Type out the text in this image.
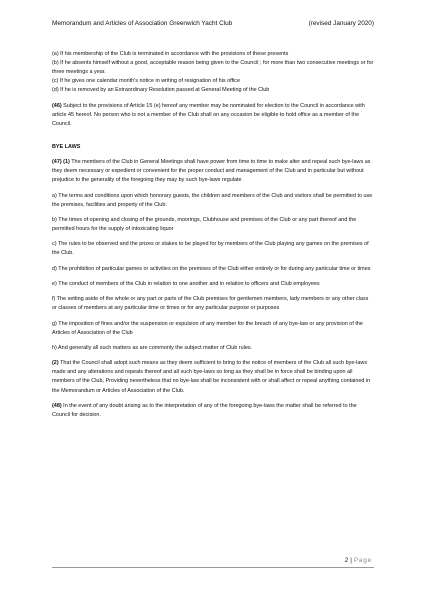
Memorandum and Articles of Association Greenwich Yacht Club	(revised January 2020)

(a) If his membership of the Club is terminated in accordance with the provisions of these presents

(b) If he absents himself without a good, acceptable reason being given to the Council ; for more than two consecutive meetings or for three meetings a year.

(c) If he gives one calendar month's notice in writing of resignation of his office

(d) If he is removed by an Extraordinary Resolution passed at General Meeting of the Club

(46) Subject to the provisions of Article 15 (e) hereof any member may be nominated for election to the Council in accordance with article 45 hereof. No person who is not a member of the Club shall on any occasion be eligible to hold office as a member of the Council.

BYE LAWS

(47) (1) The members of the Club in General Meetings shall have power from time to time to make alter and repeal such bye-laws as they deem necessary or expedient or convenient for the proper conduct and management of the Club and in particular but without prejudice to the generality of the foregoing they may by such bye-laws regulate

a) The terms and conditions upon which honorary guests, the children and members of the Club and visitors shall be permitted to use the premises, facilities and property of the Club.

b) The times of opening and closing of the grounds, moorings, Clubhouse and premises of the Club or any part thereof and the permitted hours for the supply of intoxicating liquor

c) The rules to be observed and the prizes or stakes to be played for by members of the Club playing any games on the premises of the Club.

d) The prohibition of particular games or activities on the premises of the Club either entirely or for during any particular time or times

e) The conduct of members of the Club in relation to one another and in relation to officers and Club employees

f) The setting aside of the whole or any part or parts of the Club premises for gentlemen members, lady members or any other class or classes of members at any particular time or times or for any particular purpose or purposes

g) The imposition of fines and/or the suspension or expulsion of any member for the breach of any bye-law or any provision of the Articles of Association of the Club

h) And generally all such matters as are commonly the subject matter of Club rules.

(2) That the Council shall adopt such means as they deem sufficient to bring to the notice of members of the Club all such bye-laws made and any alterations and repeals thereof and all such bye-laws so long as they shall be in force shall be binding upon all members of the Club, Providing nevertheless that no bye-law shall be inconsistent with or shall affect or repeal anything contained in the Memorandum or Articles of Association of the Club.

(48) In the event of any doubt arising as to the interpretation of any of the foregoing bye-laws the matter shall be referred to the Council for decision.

2 | Page
